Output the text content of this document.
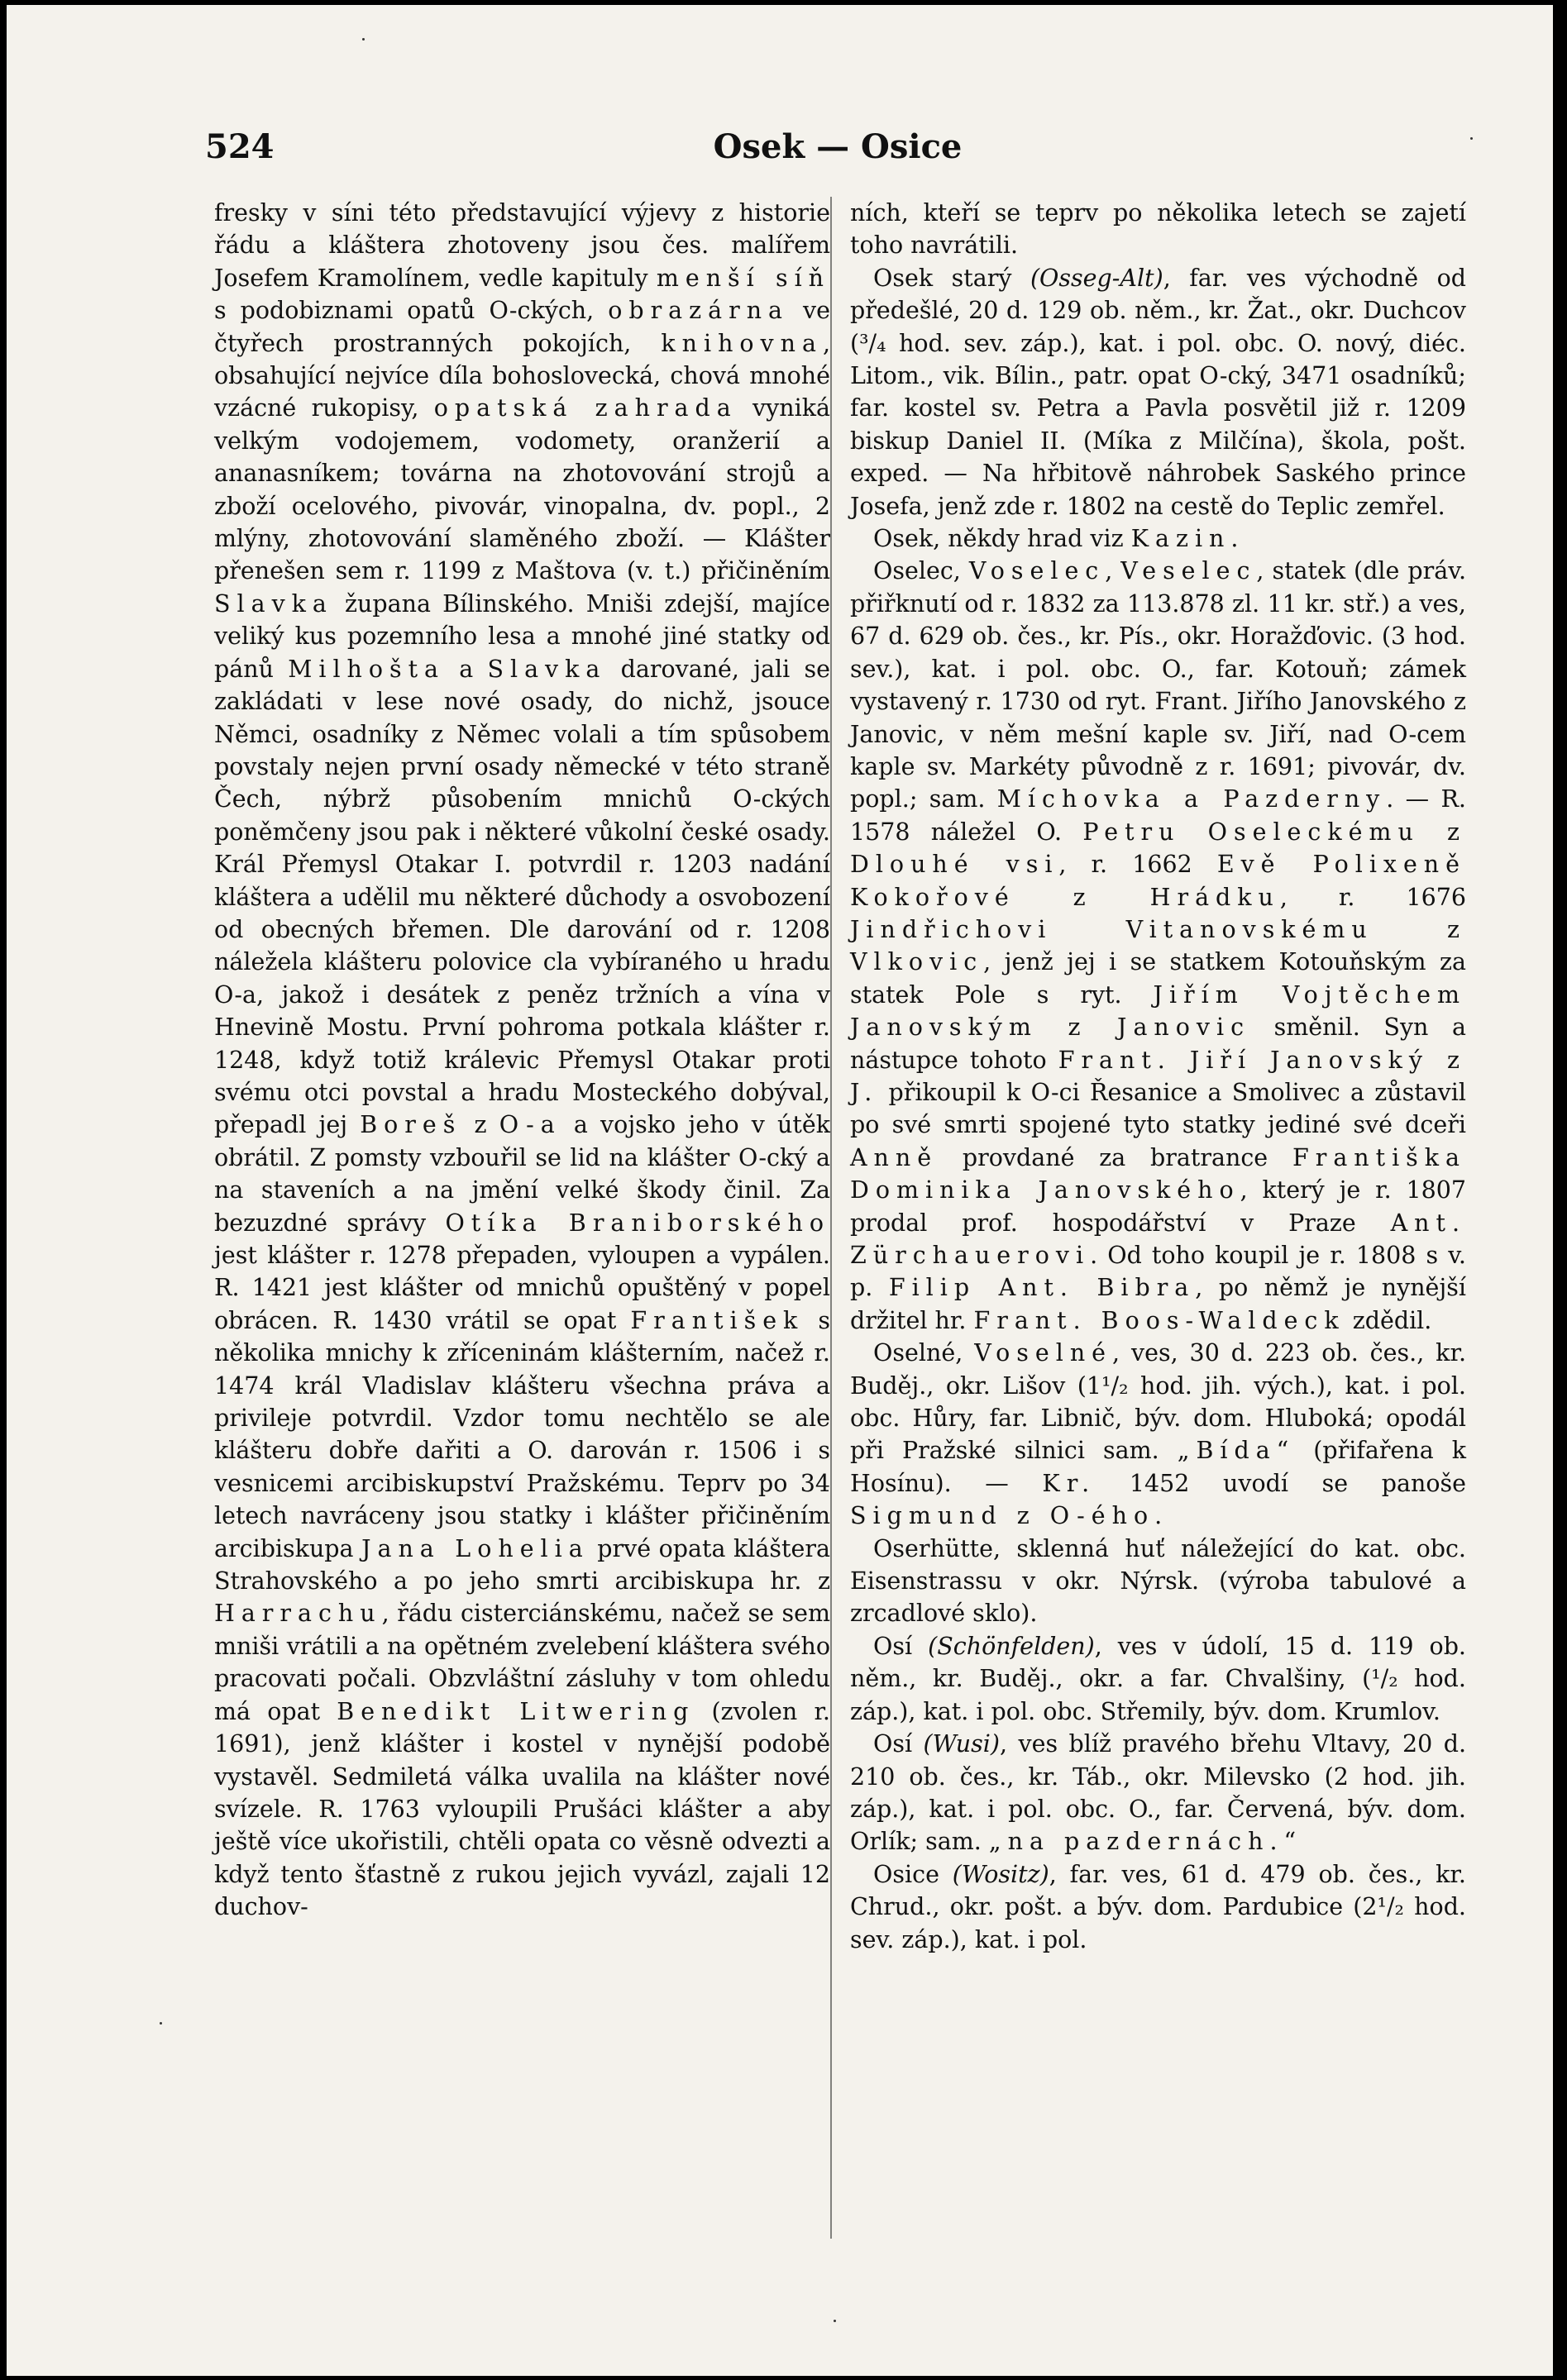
524	Osek — Osice

fresky v síni této představující výjevy z historie řádu a kláštera zhotoveny jsou čes. malířem Josefem Kramolínem, vedle kapituly menší síň s podobiznami opatů O-ckých, obrazárna ve čtyřech prostranných pokojích, knihovna, obsahující nejvíce díla bohoslovecká, chová mnohé vzácné rukopisy, opatská zahrada vyniká velkým vodojemem, vodomety, oranžerií a ananasníkem; továrna na zhotovování strojů a zboží ocelového, pivovár, vinopalna, dv. popl., 2 mlýny, zhotovování slaměného zboží. — Klášter přenešen sem r. 1199 z Maštova (v. t.) přičiněním Slavka župana Bílinského. Mniši zdejší, majíce veliký kus pozemního lesa a mnohé jiné statky od pánů Milhošta a Slavka darované, jali se zakládati v lese nové osady, do nichž, jsouce Němci, osadníky z Němec volali a tím spůsobem povstaly nejen první osady německé v této straně Čech, nýbrž působením mnichů O-ckých poněmčeny jsou pak i některé vůkolní české osady. Král Přemysl Otakar I. potvrdil r. 1203 nadání kláštera a udělil mu některé důchody a osvobození od obecných břemen. Dle darování od r. 1208 náležela klášteru polovice cla vybíraného u hradu O-a, jakož i desátek z peněz tržních a vína v Hnevině Mostu. První pohroma potkala klášter r. 1248, když totiž králevic Přemysl Otakar proti svému otci povstal a hradu Mosteckého dobýval, přepadl jej Boreš z O-a a vojsko jeho v útěk obrátil. Z pomsty vzbouřil se lid na klášter O-cký a na staveních a na jmění velké škody činil. Za bezuzdné správy Otíka Braniborského jest klášter r. 1278 přepaden, vyloupen a vypálen. R. 1421 jest klášter od mnichů opuštěný v popel obrácen. R. 1430 vrátil se opat František s několika mnichy k zříceninám klášterním, načež r. 1474 král Vladislav klášteru všechna práva a privileje potvrdil. Vzdor tomu nechtělo se ale klášteru dobře dařiti a O. darován r. 1506 i s vesnicemi arcibiskupství Pražskému. Teprv po 34 letech navráceny jsou statky i klášter přičiněním arcibiskupa Jana Lohelia prvé opata kláštera Strahovského a po jeho smrti arcibiskupa hr. z Harrachu, řádu cisterciánskému, načež se sem mniši vrátili a na opětném zvelebení kláštera svého pracovati počali. Obzvláštní zásluhy v tom ohledu má opat Benedikt Litwering (zvolen r. 1691), jenž klášter i kostel v nynější podobě vystavěl. Sedmiletá válka uvalila na klášter nové svízele. R. 1763 vyloupili Prušáci klášter a aby ještě více ukořistili, chtěli opata co věsně odvezti a když tento šťastně z rukou jejich vyvázl, zajali 12 duchov-

ních, kteří se teprv po několika letech se zajetí toho navrátili.

Osek starý (Osseg-Alt), far. ves východně od předešlé, 20 d. 129 ob. něm., kr. Žat., okr. Duchcov (³/₄ hod. sev. záp.), kat. i pol. obc. O. nový, diéc. Litom., vik. Bílin., patr. opat O-cký, 3471 osadníků; far. kostel sv. Petra a Pavla posvětil již r. 1209 biskup Daniel II. (Míka z Milčína), škola, pošt. exped. — Na hřbitově náhrobek Saského prince Josefa, jenž zde r. 1802 na cestě do Teplic zemřel.

Osek, někdy hrad viz Kazin.

Oselec, Voselec, Veselec, statek (dle práv. přiřknutí od r. 1832 za 113.878 zl. 11 kr. stř.) a ves, 67 d. 629 ob. čes., kr. Pís., okr. Horažďovic. (3 hod. sev.), kat. i pol. obc. O., far. Kotouň; zámek vystavený r. 1730 od ryt. Frant. Jiřího Janovského z Janovic, v něm mešní kaple sv. Jiří, nad O-cem kaple sv. Markéty původně z r. 1691; pivovár, dv. popl.; sam. Míchovka a Pazderny. — R. 1578 náležel O. Petru Oseleckému z Dlouhé vsi, r. 1662 Evě Polixeně Kokořové z Hrádku, r. 1676 Jindřichovi Vitanovskému z Vlkovic, jenž jej i se statkem Kotouňským za statek Pole s ryt. Jiřím Vojtěchem Janovským z Janovic směnil. Syn a nástupce tohoto Frant. Jiří Janovský z J. přikoupil k O-ci Řesanice a Smolivec a zůstavil po své smrti spojené tyto statky jediné své dceři Anně provdané za bratrance Františka Dominika Janovského, který je r. 1807 prodal prof. hospodářství v Praze Ant. Zürchauerovi. Od toho koupil je r. 1808 s v. p. Filip Ant. Bibra, po němž je nynější držitel hr. Frant. Boos-Waldeck zdědil.

Oselné, Voselné, ves, 30 d. 223 ob. čes., kr. Buděj., okr. Lišov (1¹/₂ hod. jih. vých.), kat. i pol. obc. Hůry, far. Libnič, býv. dom. Hluboká; opodál při Pražské silnici sam. „Bída“ (přifařena k Hosínu). — Kr. 1452 uvodí se panoše Sigmund z O-ého.

Oserhütte, sklenná huť náležející do kat. obc. Eisenstrassu v okr. Nýrsk. (výroba tabulové a zrcadlové sklo).

Osí (Schönfelden), ves v údolí, 15 d. 119 ob. něm., kr. Buděj., okr. a far. Chvalšiny, (¹/₂ hod. záp.), kat. i pol. obc. Střemily, býv. dom. Krumlov.

Osí (Wusi), ves blíž pravého břehu Vltavy, 20 d. 210 ob. čes., kr. Táb., okr. Milevsko (2 hod. jih. záp.), kat. i pol. obc. O., far. Červená, býv. dom. Orlík; sam. „na pazdernách.“

Osice (Wositz), far. ves, 61 d. 479 ob. čes., kr. Chrud., okr. pošt. a býv. dom. Pardubice (2¹/₂ hod. sev. záp.), kat. i pol.
